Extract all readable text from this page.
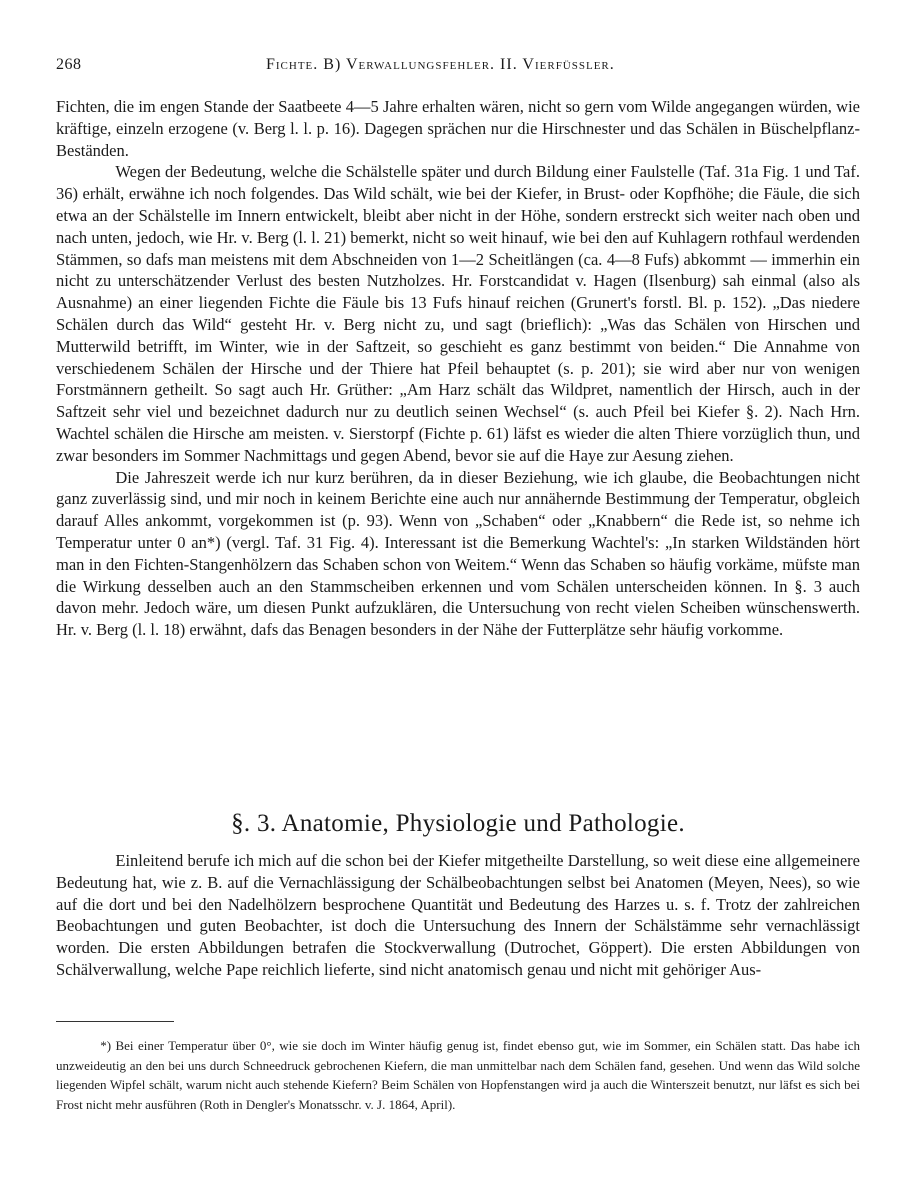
268	Fichte. B) Verwallungsfehler. II. Vierfüssler.

Fichten, die im engen Stande der Saatbeete 4—5 Jahre erhalten wären, nicht so gern vom Wilde angegangen würden, wie kräftige, einzeln erzogene (v. Berg l. l. p. 16). Dagegen sprächen nur die Hirschnester und das Schälen in Büschelpflanz-Beständen.

Wegen der Bedeutung, welche die Schälstelle später und durch Bildung einer Faulstelle (Taf. 31a Fig. 1 und Taf. 36) erhält, erwähne ich noch folgendes. Das Wild schält, wie bei der Kiefer, in Brust- oder Kopfhöhe; die Fäule, die sich etwa an der Schälstelle im Innern entwickelt, bleibt aber nicht in der Höhe, sondern erstreckt sich weiter nach oben und nach unten, jedoch, wie Hr. v. Berg (l. l. 21) bemerkt, nicht so weit hinauf, wie bei den auf Kuhlagern rothfaul werdenden Stämmen, so dafs man meistens mit dem Abschneiden von 1—2 Scheitlängen (ca. 4—8 Fufs) abkommt — immerhin ein nicht zu unterschätzender Verlust des besten Nutzholzes. Hr. Forstcandidat v. Hagen (Ilsenburg) sah einmal (also als Ausnahme) an einer liegenden Fichte die Fäule bis 13 Fufs hinauf reichen (Grunert's forstl. Bl. p. 152). „Das niedere Schälen durch das Wild“ gesteht Hr. v. Berg nicht zu, und sagt (brieflich): „Was das Schälen von Hirschen und Mutterwild betrifft, im Winter, wie in der Saftzeit, so geschieht es ganz bestimmt von beiden.“ Die Annahme von verschiedenem Schälen der Hirsche und der Thiere hat Pfeil behauptet (s. p. 201); sie wird aber nur von wenigen Forstmännern getheilt. So sagt auch Hr. Grüther: „Am Harz schält das Wildpret, namentlich der Hirsch, auch in der Saftzeit sehr viel und bezeichnet dadurch nur zu deutlich seinen Wechsel“ (s. auch Pfeil bei Kiefer §. 2). Nach Hrn. Wachtel schälen die Hirsche am meisten. v. Sierstorpf (Fichte p. 61) läfst es wieder die alten Thiere vorzüglich thun, und zwar besonders im Sommer Nachmittags und gegen Abend, bevor sie auf die Haye zur Aesung ziehen.

Die Jahreszeit werde ich nur kurz berühren, da in dieser Beziehung, wie ich glaube, die Beobachtungen nicht ganz zuverlässig sind, und mir noch in keinem Berichte eine auch nur annähernde Bestimmung der Temperatur, obgleich darauf Alles ankommt, vorgekommen ist (p. 93). Wenn von „Schaben“ oder „Knabbern“ die Rede ist, so nehme ich Temperatur unter 0 an*) (vergl. Taf. 31 Fig. 4). Interessant ist die Bemerkung Wachtel's: „In starken Wildständen hört man in den Fichten-Stangenhölzern das Schaben schon von Weitem.“ Wenn das Schaben so häufig vorkäme, müfste man die Wirkung desselben auch an den Stammscheiben erkennen und vom Schälen unterscheiden können. In §. 3 auch davon mehr. Jedoch wäre, um diesen Punkt aufzuklären, die Untersuchung von recht vielen Scheiben wünschenswerth. Hr. v. Berg (l. l. 18) erwähnt, dafs das Benagen besonders in der Nähe der Futterplätze sehr häufig vorkomme.

§. 3. Anatomie, Physiologie und Pathologie.

Einleitend berufe ich mich auf die schon bei der Kiefer mitgetheilte Darstellung, so weit diese eine allgemeinere Bedeutung hat, wie z. B. auf die Vernachlässigung der Schälbeobachtungen selbst bei Anatomen (Meyen, Nees), so wie auf die dort und bei den Nadelhölzern besprochene Quantität und Bedeutung des Harzes u. s. f. Trotz der zahlreichen Beobachtungen und guten Beobachter, ist doch die Untersuchung des Innern der Schälstämme sehr vernachlässigt worden. Die ersten Abbildungen betrafen die Stockverwallung (Dutrochet, Göppert). Die ersten Abbildungen von Schälverwallung, welche Pape reichlich lieferte, sind nicht anatomisch genau und nicht mit gehöriger Aus-

*) Bei einer Temperatur über 0°, wie sie doch im Winter häufig genug ist, findet ebenso gut, wie im Sommer, ein Schälen statt. Das habe ich unzweideutig an den bei uns durch Schneedruck gebrochenen Kiefern, die man unmittelbar nach dem Schälen fand, gesehen. Und wenn das Wild solche liegenden Wipfel schält, warum nicht auch stehende Kiefern? Beim Schälen von Hopfenstangen wird ja auch die Winterszeit benutzt, nur läfst es sich bei Frost nicht mehr ausführen (Roth in Dengler's Monatsschr. v. J. 1864, April).
